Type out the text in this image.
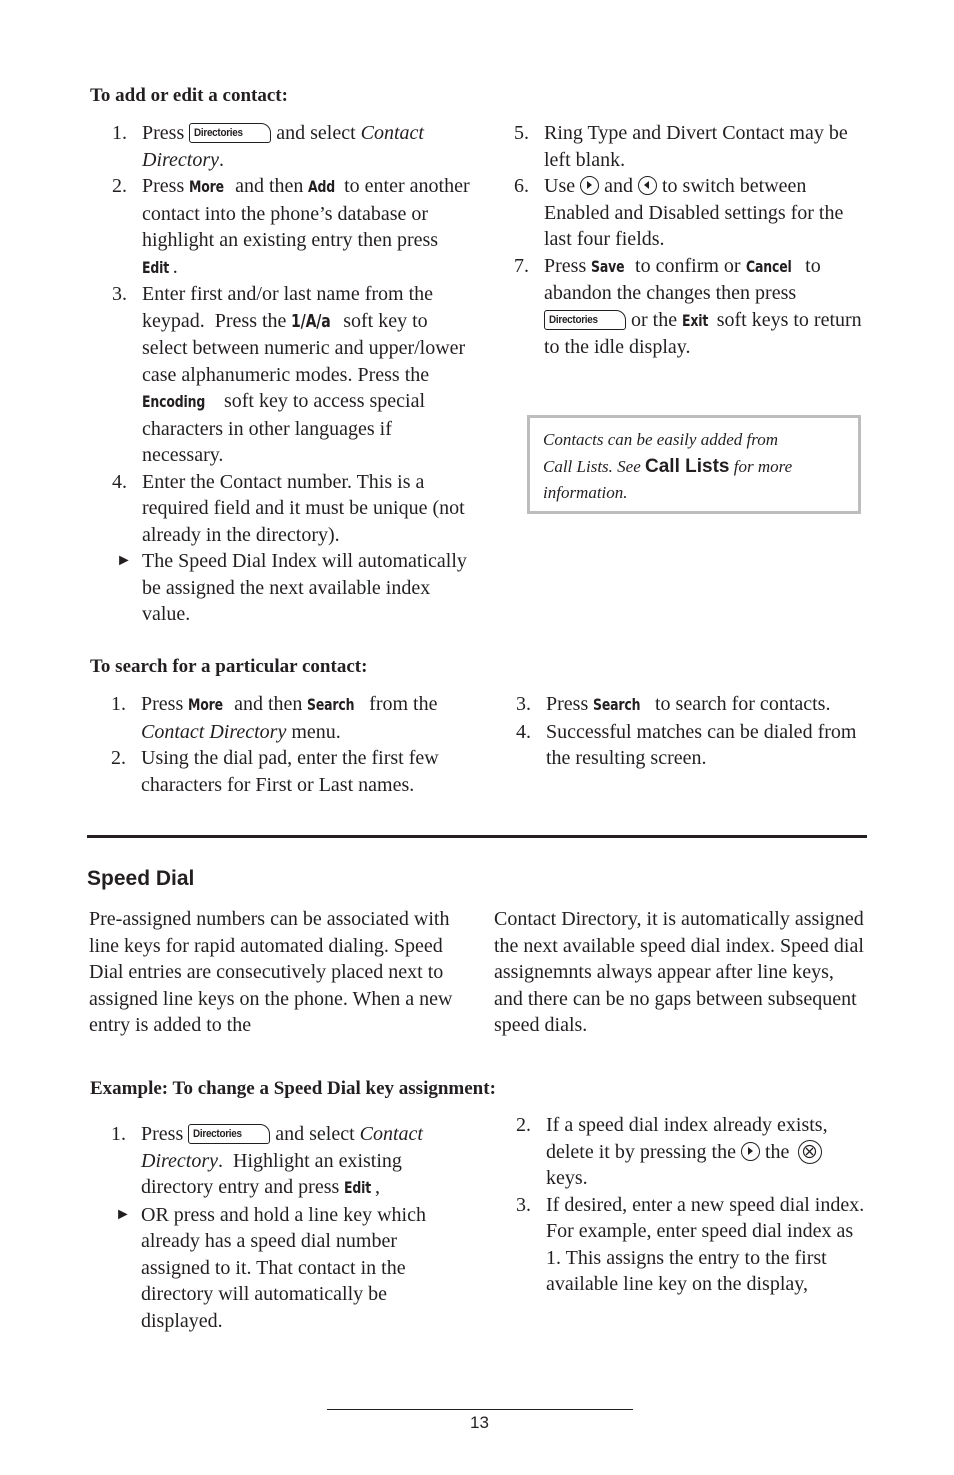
To add or edit a contact:
1. Press Directories and select Contact Directory.
2. Press More and then Add to enter another contact into the phone’s database or highlight an existing entry then press Edit .
3. Enter first and/or last name from the keypad.  Press the 1/A/a soft key to select between numeric and upper/lower case alphanumeric modes. Press the Encoding soft key to access special characters in other languages if necessary.
4. Enter the Contact number. This is a required field and it must be unique (not already in the directory).
► The Speed Dial Index will automatically be assigned the next available index value.
5. Ring Type and Divert Contact may be left blank.
6. Use
and
to switch between Enabled and Disabled settings for the last four fields.
7. Press Save to confirm or Cancel to abandon the changes then press
Directories or the Exit soft keys to return to the idle display.
Contacts can be easily added from
Call Lists. See Call Lists for more
information.
To search for a particular contact:
1. Press More and then Search from the Contact Directory menu.
2. Using the dial pad, enter the first few characters for First or Last names.
3. Press Search to search for contacts.
4. Successful matches can be dialed from the resulting screen.
Speed Dial
Pre-assigned numbers can be associated with line keys for rapid automated dialing. Speed Dial entries are consecutively placed next to assigned line keys on the phone. When a new entry is added to the
Contact Directory, it is automatically assigned the next available speed dial index. Speed dial assignemnts always appear after line keys, and there can be no gaps between subsequent speed dials.
Example: To change a Speed Dial key assignment:
1. Press Directories and select Contact Directory.  Highlight an existing directory entry and press Edit ,
► OR press and hold a line key which already has a speed dial number assigned to it. That contact in the directory will automatically be displayed.
2. If a speed dial index already exists, delete it by pressing the
the
keys.
3. If desired, enter a new speed dial index. For example, enter speed dial index as 1. This assigns the entry to the first available line key on the display,
13
